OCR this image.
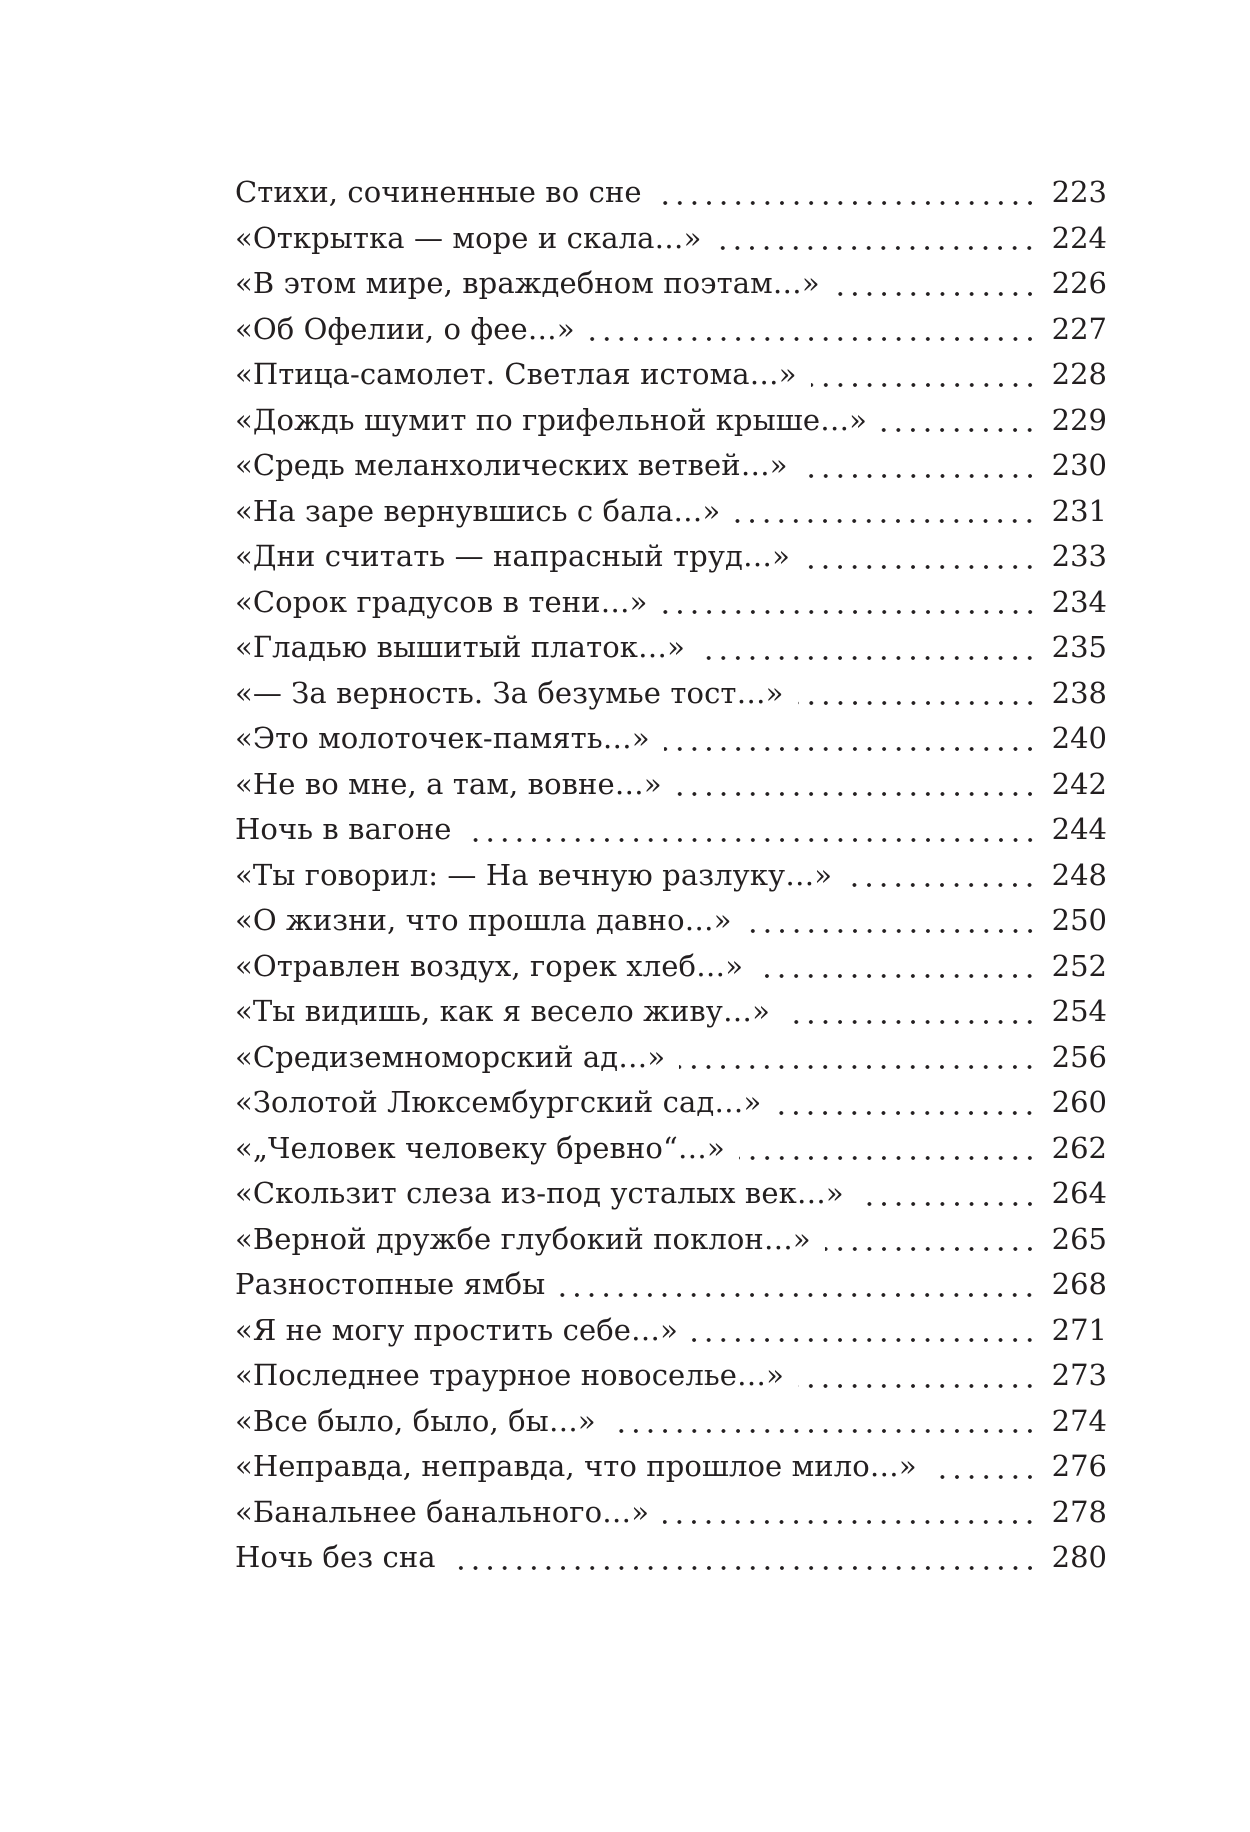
Стихи, сочиненные во сне	223
«Открытка — море и скала…»	224
«В этом мире, враждебном поэтам…»	226
«Об Офелии, о фее…»	227
«Птица-самолет. Светлая истома…»	228
«Дождь шумит по грифельной крыше…»	229
«Средь меланхолических ветвей…»	230
«На заре вернувшись с бала…»	231
«Дни считать — напрасный труд…»	233
«Сорок градусов в тени…»	234
«Гладью вышитый платок…»	235
«— За верность. За безумье тост…»	238
«Это молоточек-память…»	240
«Не во мне, а там, вовне…»	242
Ночь в вагоне	244
«Ты говорил: — На вечную разлуку…»	248
«О жизни, что прошла давно…»	250
«Отравлен воздух, горек хлеб…»	252
«Ты видишь, как я весело живу…»	254
«Средиземноморский ад…»	256
«Золотой Люксембургский сад…»	260
«„Человек человеку бревно“…»	262
«Скользит слеза из-под усталых век…»	264
«Верной дружбе глубокий поклон…»	265
Разностопные ямбы	268
«Я не могу простить себе…»	271
«Последнее траурное новоселье…»	273
«Все было, было, бы…»	274
«Неправда, неправда, что прошлое мило…»	276
«Банальнее банального…»	278
Ночь без сна	280
